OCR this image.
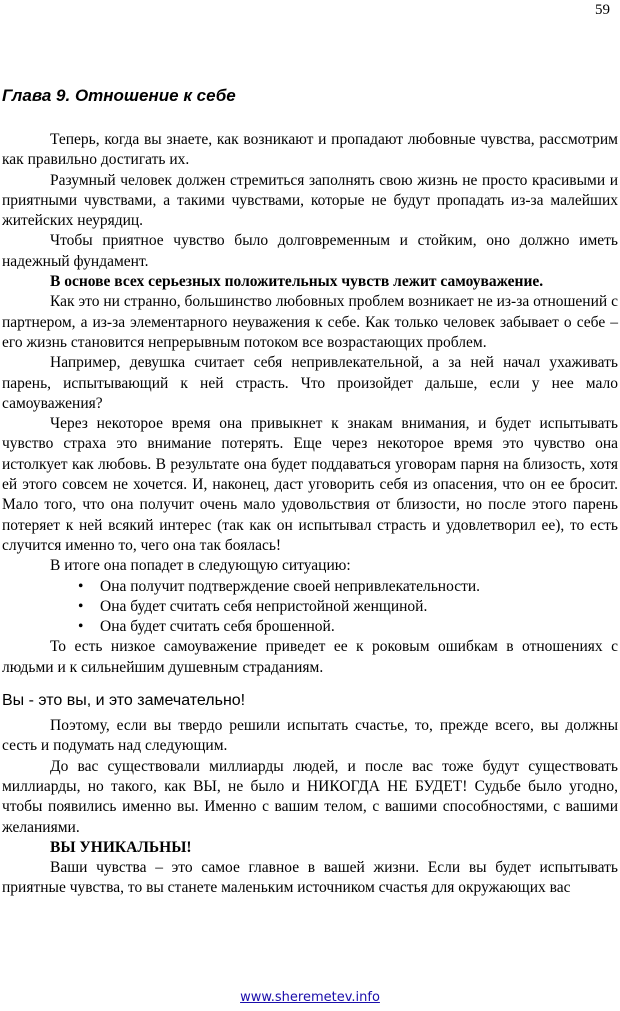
59
Глава 9. Отношение к себе

Теперь, когда вы знаете, как возникают и пропадают любовные чувства, рассмотрим как правильно достигать их.

Разумный человек должен стремиться заполнять свою жизнь не просто красивыми и приятными чувствами, а такими чувствами, которые не будут пропадать из-за малейших житейских неурядиц.

Чтобы приятное чувство было долговременным и стойким, оно должно иметь надежный фундамент.

В основе всех серьезных положительных чувств лежит самоуважение.

Как это ни странно, большинство любовных проблем возникает не из-за отношений с партнером, а из-за элементарного неуважения к себе. Как только человек забывает о себе – его жизнь становится непрерывным потоком все возрастающих проблем.

Например, девушка считает себя непривлекательной, а за ней начал ухаживать парень, испытывающий к ней страсть. Что произойдет дальше, если у нее мало самоуважения?

Через некоторое время она привыкнет к знакам внимания, и будет испытывать чувство страха это внимание потерять. Еще через некоторое время это чувство она истолкует как любовь. В результате она будет поддаваться уговорам парня на близость, хотя ей этого совсем не хочется. И, наконец, даст уговорить себя из опасения, что он ее бросит. Мало того, что она получит очень мало удовольствия от близости, но после этого парень потеряет к ней всякий интерес (так как он испытывал страсть и удовлетворил ее), то есть случится именно то, чего она так боялась!

В итоге она попадет в следующую ситуацию:

• Она получит подтверждение своей непривлекательности.
• Она будет считать себя непристойной женщиной.
• Она будет считать себя брошенной.

То есть низкое самоуважение приведет ее к роковым ошибкам в отношениях с людьми и к сильнейшим душевным страданиям.

Вы - это вы, и это замечательно!

Поэтому, если вы твердо решили испытать счастье, то, прежде всего, вы должны сесть и подумать над следующим.

До вас существовали миллиарды людей, и после вас тоже будут существовать миллиарды, но такого, как ВЫ, не было и НИКОГДА НЕ БУДЕТ! Судьбе было угодно, чтобы появились именно вы. Именно с вашим телом, с вашими способностями, с вашими желаниями.

ВЫ УНИКАЛЬНЫ!

Ваши чувства – это самое главное в вашей жизни. Если вы будет испытывать приятные чувства, то вы станете маленьким источником счастья для окружающих вас

www.sheremetev.info
